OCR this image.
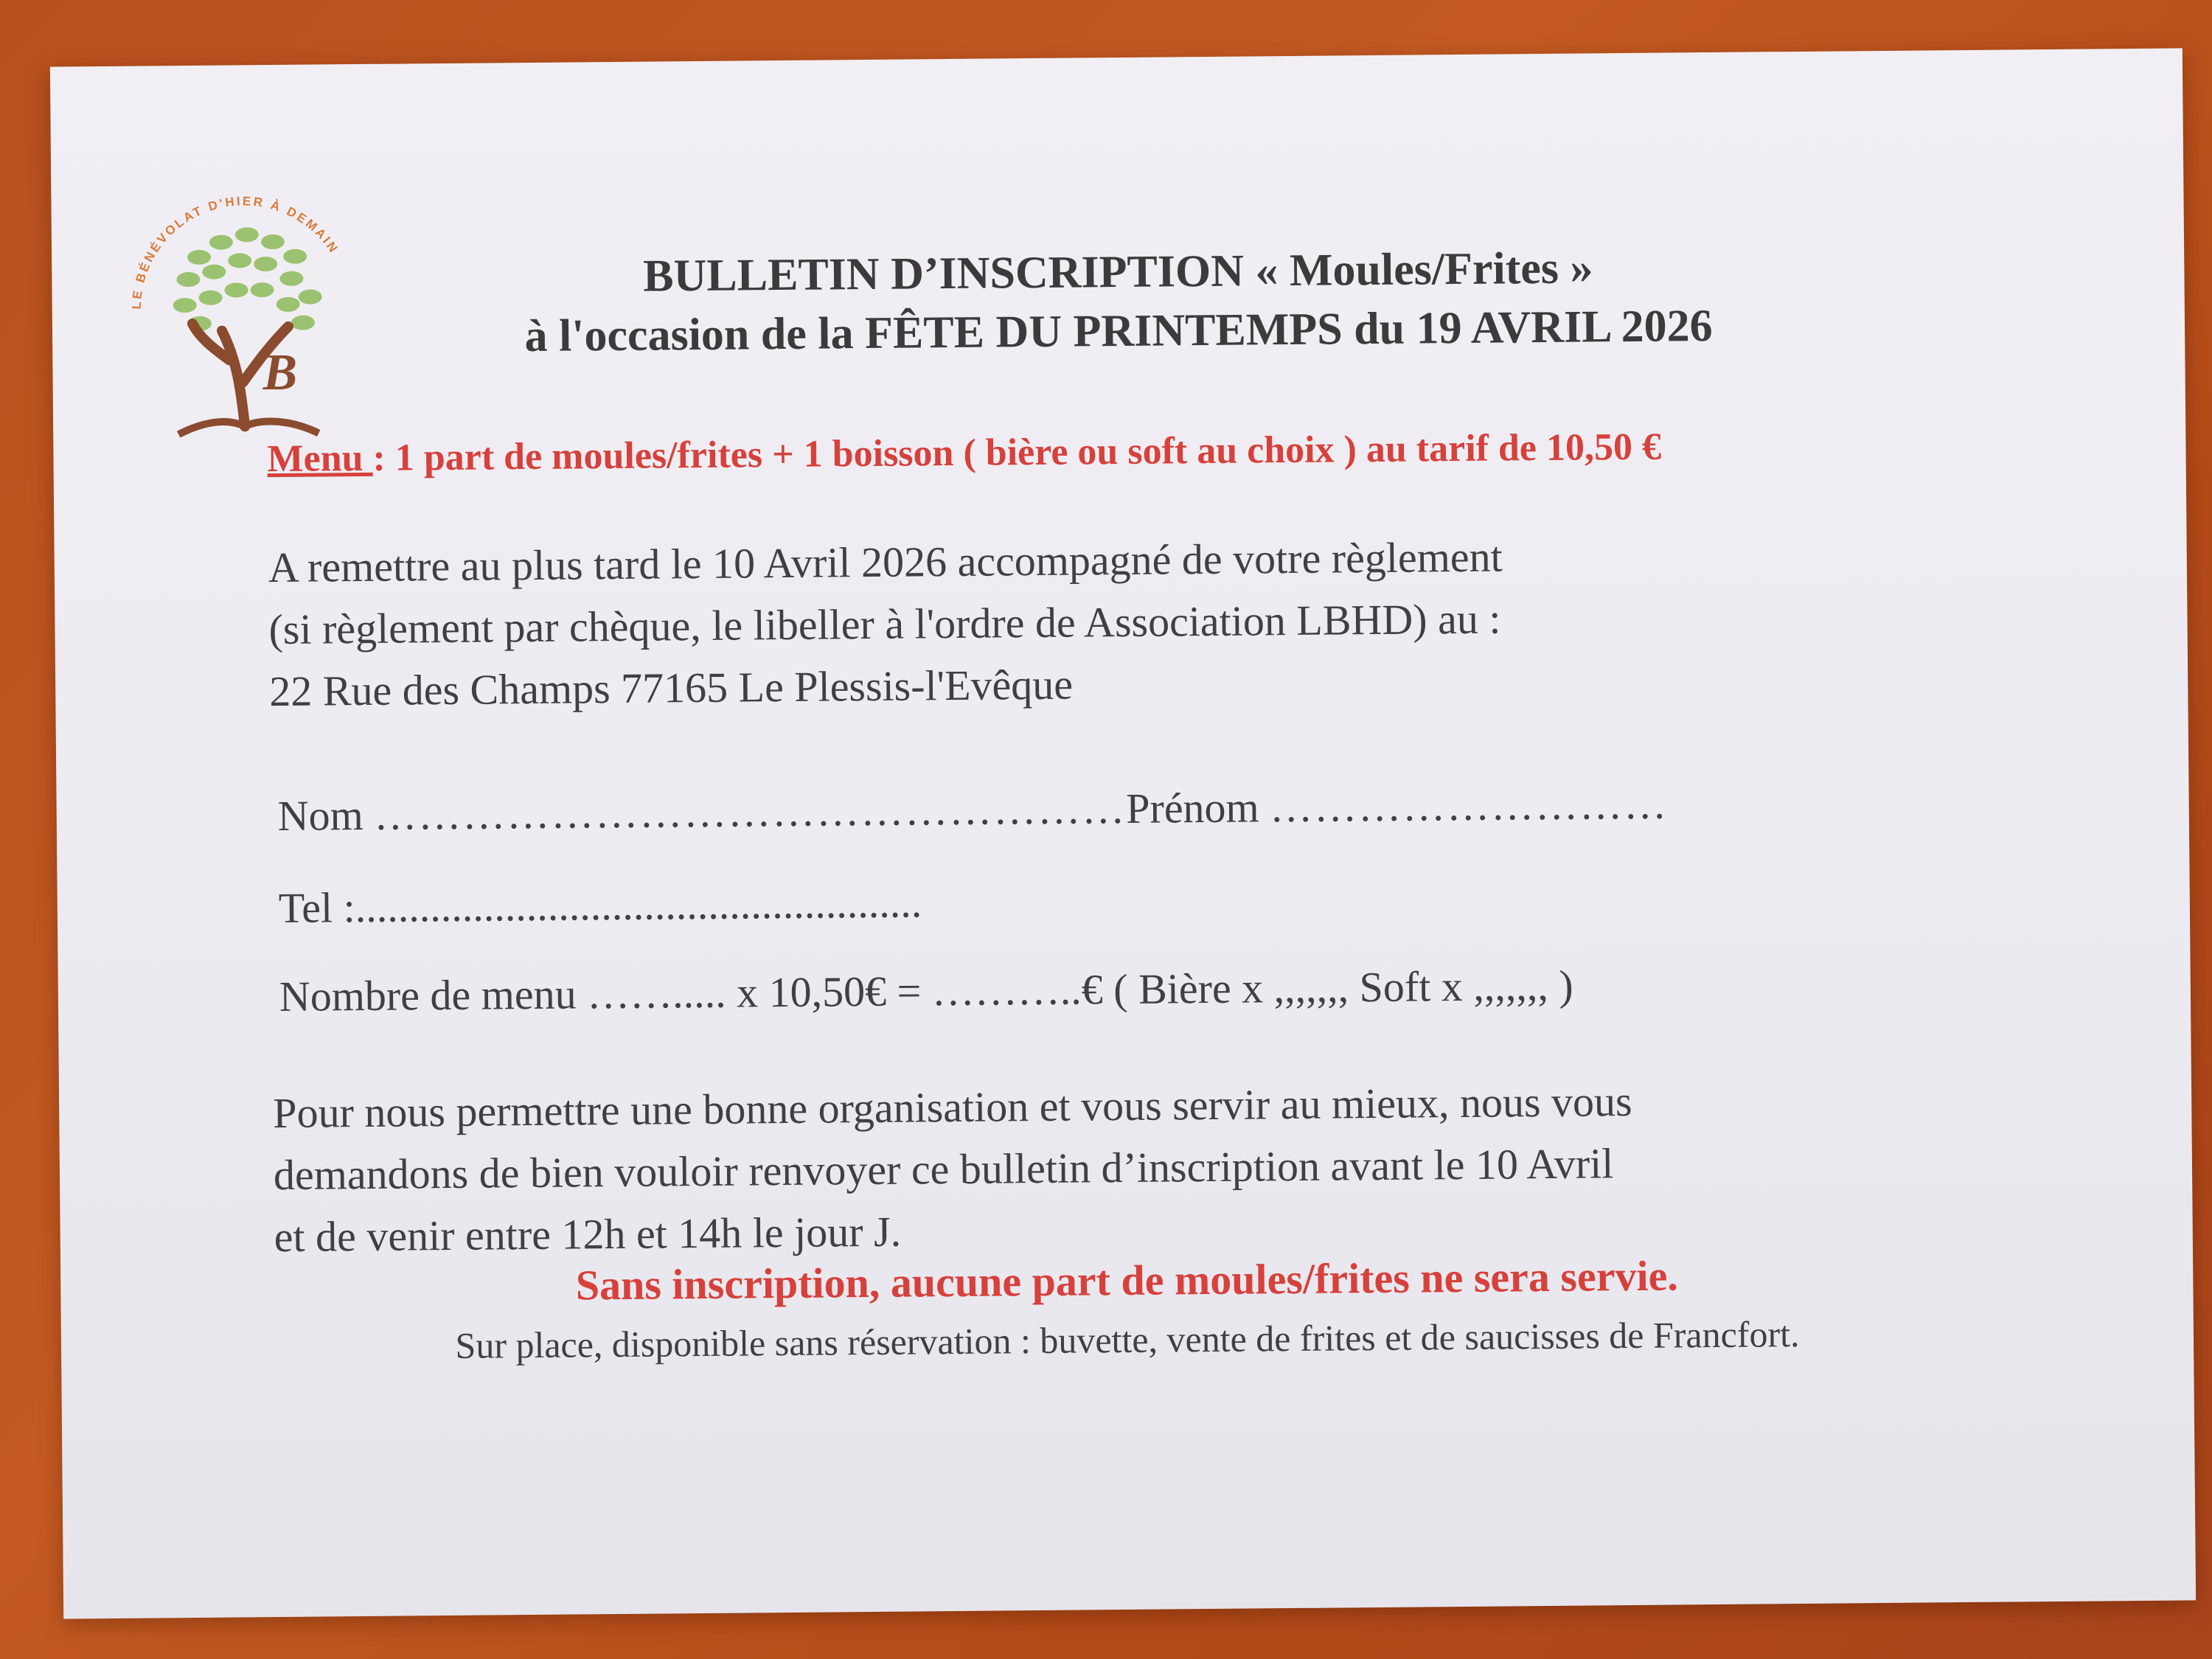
LE BÉNÉVOLAT D'HIER À DEMAIN
B
BULLETIN D’INSCRIPTION « Moules/Frites »
à l'occasion de la FÊTE DU PRINTEMPS du 19 AVRIL 2026
Menu : 1 part de moules/frites + 1 boisson ( bière ou soft au choix ) au tarif de 10,50 €
A remettre au plus tard le 10 Avril 2026 accompagné de votre règlement
(si règlement par chèque, le libeller à l'ordre de Association LBHD) au :
22 Rue des Champs 77165 Le Plessis-l'Evêque
Nom ……………………………………………Prénom ………………………
Tel :.....................................................
Nombre de menu ……..... x 10,50€ = ………..€ ( Bière x ,,,,,,, Soft x ,,,,,,, )
Pour nous permettre une bonne organisation et vous servir au mieux, nous vous
demandons de bien vouloir renvoyer ce bulletin d’inscription avant le 10 Avril
et de venir entre 12h et 14h le jour J.
Sans inscription, aucune part de moules/frites ne sera servie.
Sur place, disponible sans réservation : buvette, vente de frites et de saucisses de Francfort.
